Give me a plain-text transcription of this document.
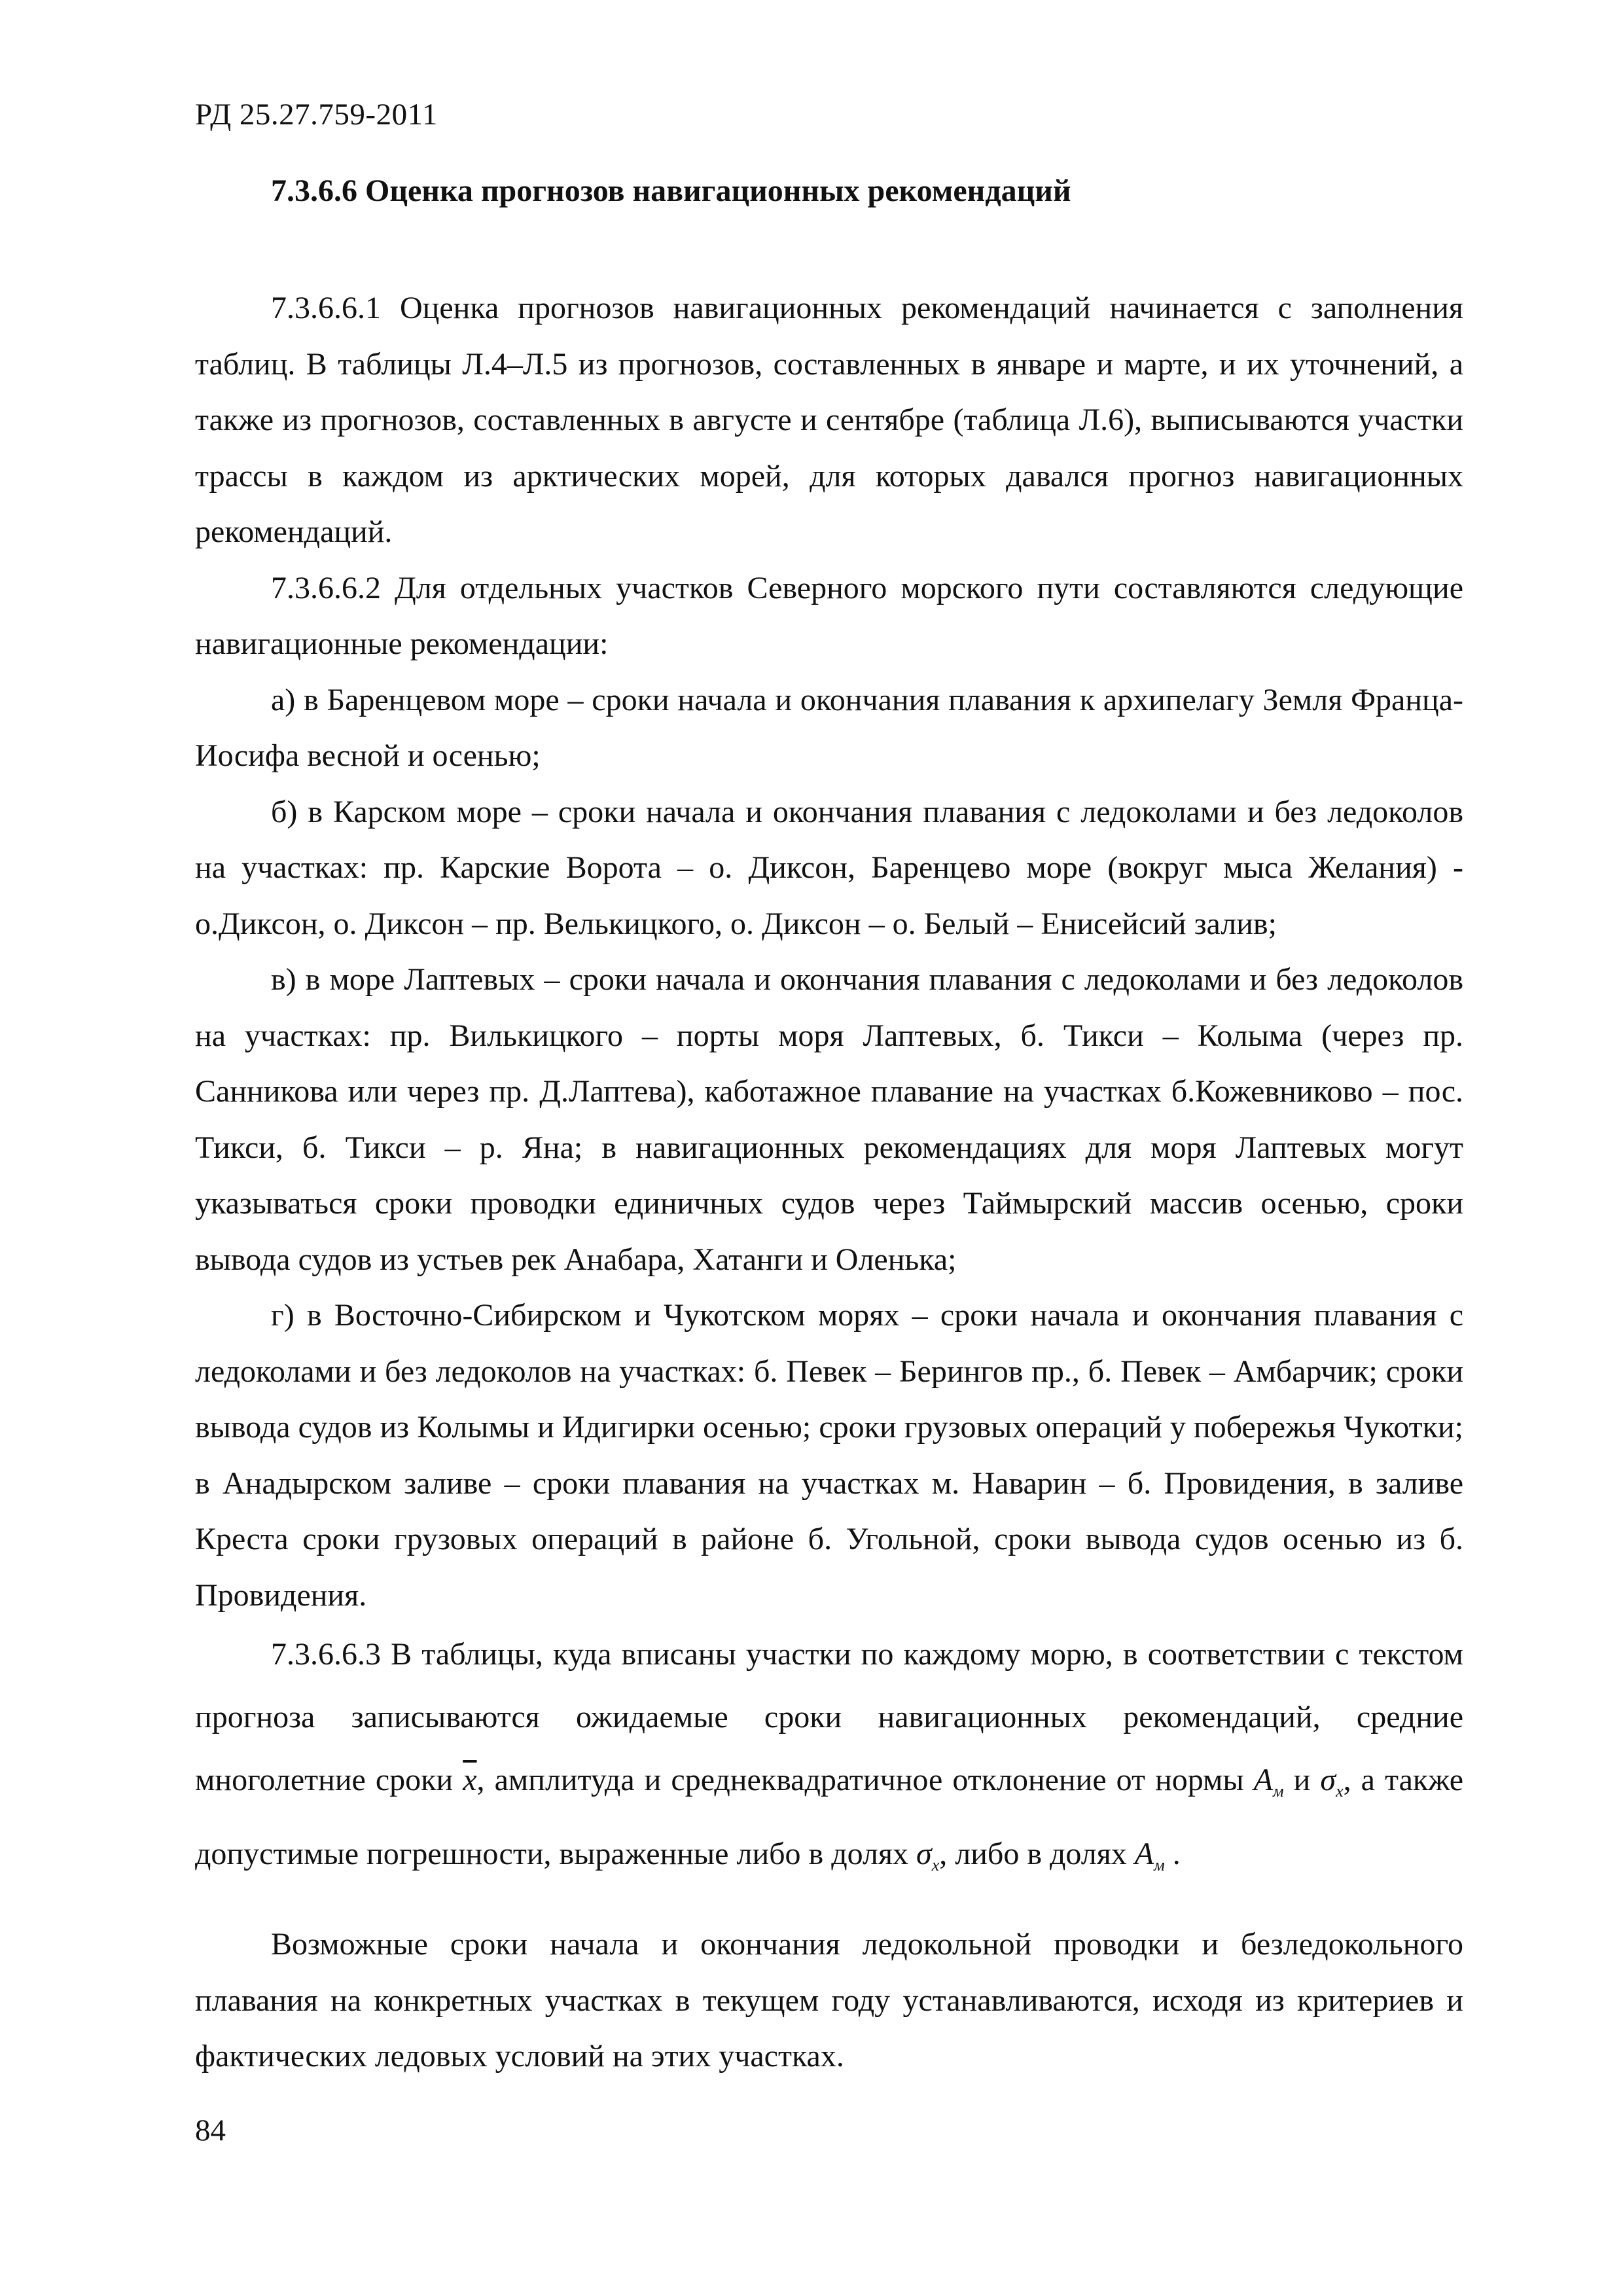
РД 25.27.759-2011
7.3.6.6 Оценка прогнозов навигационных рекомендаций

7.3.6.6.1 Оценка прогнозов навигационных рекомендаций начинается с заполнения таблиц. В таблицы Л.4–Л.5 из прогнозов, составленных в январе и марте, и их уточнений, а также из прогнозов, составленных в августе и сентябре (таблица Л.6), выписываются участки трассы в каждом из арктических морей, для которых давался прогноз навигационных рекомендаций.

7.3.6.6.2 Для отдельных участков Северного морского пути составляются следующие навигационные рекомендации:

а) в Баренцевом море – сроки начала и окончания плавания к архипелагу Земля Франца-Иосифа весной и осенью;

б) в Карском море – сроки начала и окончания плавания с ледоколами и без ледоколов на участках: пр. Карские Ворота – о. Диксон, Баренцево море (вокруг мыса Желания) - о.Диксон, о. Диксон – пр. Велькицкого, о. Диксон – о. Белый – Енисейсий залив;

в) в море Лаптевых – сроки начала и окончания плавания с ледоколами и без ледоколов на участках: пр. Вилькицкого – порты моря Лаптевых, б. Тикси – Колыма (через пр. Санникова или через пр. Д.Лаптева), каботажное плавание на участках б.Кожевниково – пос. Тикси, б. Тикси – р. Яна; в навигационных рекомендациях для моря Лаптевых могут указываться сроки проводки единичных судов через Таймырский массив осенью, сроки вывода судов из устьев рек Анабара, Хатанги и Оленька;

г) в Восточно-Сибирском и Чукотском морях – сроки начала и окончания плавания с ледоколами и без ледоколов на участках: б. Певек – Берингов пр., б. Певек – Амбарчик; сроки вывода судов из Колымы и Идигирки осенью; сроки грузовых операций у побережья Чукотки; в Анадырском заливе – сроки плавания на участках м. Наварин – б. Провидения, в заливе Креста сроки грузовых операций в районе б. Угольной, сроки вывода судов осенью из б. Провидения.

7.3.6.6.3 В таблицы, куда вписаны участки по каждому морю, в соответствии с текстом прогноза записываются ожидаемые сроки навигационных рекомендаций, средние многолетние сроки $\overline{x}$, амплитуда и среднеквадратичное отклонение от нормы $A_м$ и $\sigma_x$, а также допустимые погрешности, выраженные либо в долях $\sigma_x$, либо в долях $A_м$ .

Возможные сроки начала и окончания ледокольной проводки и безледокольного плавания на конкретных участках в текущем году устанавливаются, исходя из критериев и фактических ледовых условий на этих участках.

84
